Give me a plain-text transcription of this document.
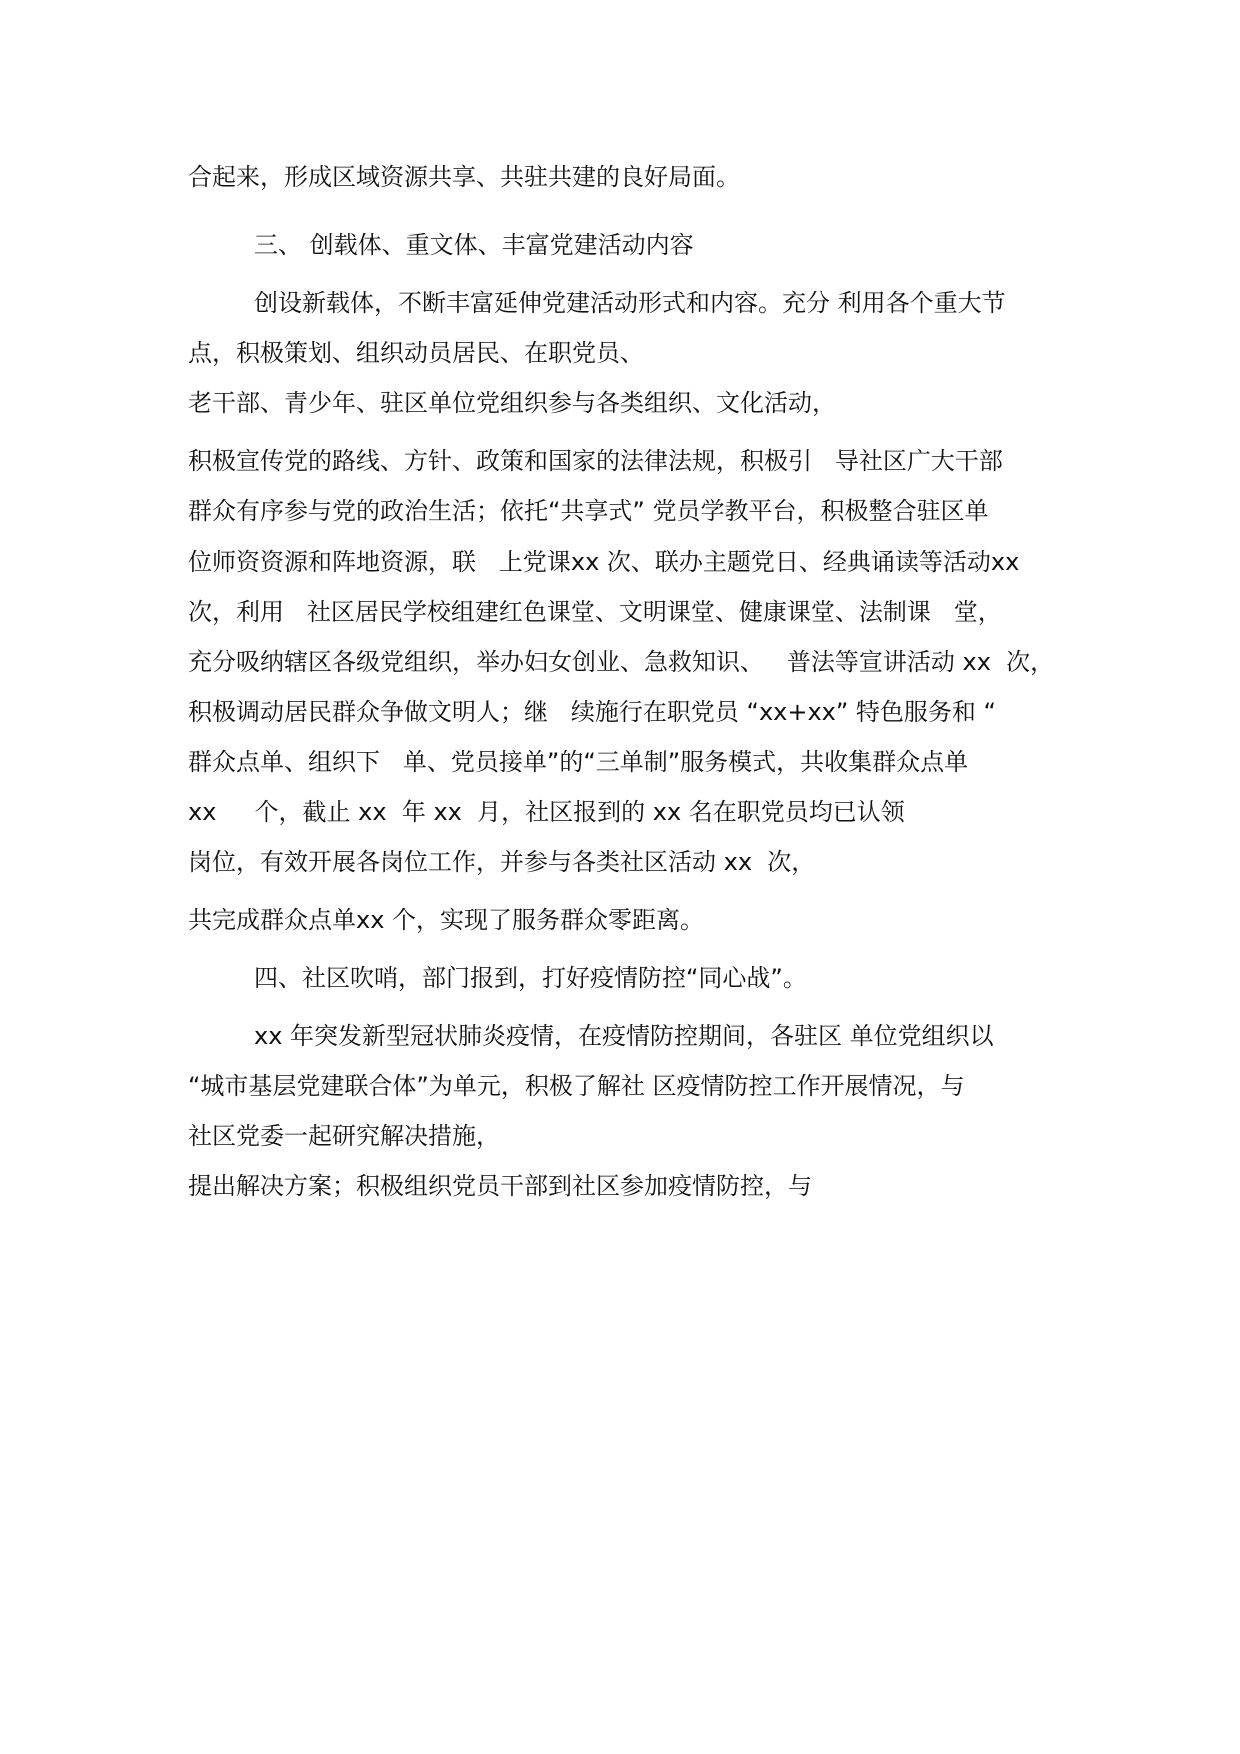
合起来，形成区域资源共享、共驻共建的良好局面。
三、 创载体、重文体、丰富党建活动内容
创设新载体，不断丰富延伸党建活动形式和内容。充分 利用各个重大节
点，积极策划、组织动员居民、在职党员、
老干部、青少年、驻区单位党组织参与各类组织、文化活动，
积极宣传党的路线、方针、政策和国家的法律法规，积极引   导社区广大干部
群众有序参与党的政治生活；依托“共享式” 党员学教平台，积极整合驻区单
位师资资源和阵地资源，联   上党课xx 次、联办主题党日、经典诵读等活动xx
次，利用   社区居民学校组建红色课堂、文明课堂、健康课堂、法制课   堂，
充分吸纳辖区各级党组织，举办妇女创业、急救知识、   普法等宣讲活动 xx  次，
积极调动居民群众争做文明人；继   续施行在职党员 “xx+xx” 特色服务和 “
群众点单、组织下   单、党员接单”的“三单制”服务模式，共收集群众点单
xx     个，截止 xx  年 xx  月，社区报到的 xx 名在职党员均已认领
岗位，有效开展各岗位工作，并参与各类社区活动 xx  次，
共完成群众点单xx 个，实现了服务群众零距离。
四、社区吹哨，部门报到，打好疫情防控“同心战”。
xx 年突发新型冠状肺炎疫情，在疫情防控期间，各驻区 单位党组织以
“城市基层党建联合体”为单元，积极了解社 区疫情防控工作开展情况，与
社区党委一起研究解决措施，
提出解决方案；积极组织党员干部到社区参加疫情防控，与
